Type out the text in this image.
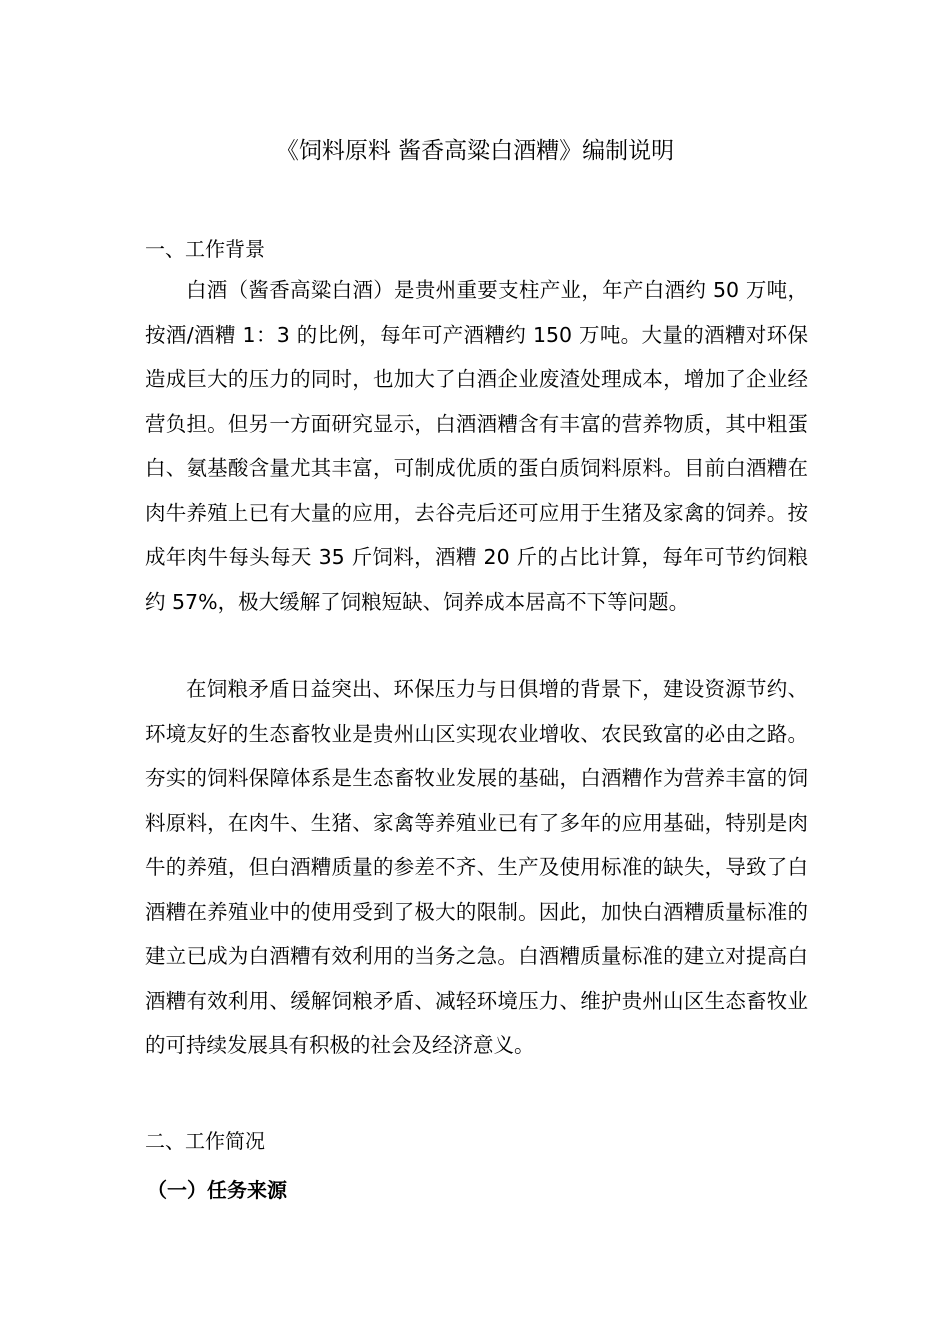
《饲料原料 酱香高粱白酒糟》编制说明
一、工作背景

白酒（酱香高粱白酒）是贵州重要支柱产业，年产白酒约 50 万吨，按酒/酒糟 1：3 的比例，每年可产酒糟约 150 万吨。大量的酒糟对环保造成巨大的压力的同时，也加大了白酒企业废渣处理成本，增加了企业经营负担。但另一方面研究显示，白酒酒糟含有丰富的营养物质，其中粗蛋白、氨基酸含量尤其丰富，可制成优质的蛋白质饲料原料。目前白酒糟在肉牛养殖上已有大量的应用，去谷壳后还可应用于生猪及家禽的饲养。按成年肉牛每头每天 35 斤饲料，酒糟 20 斤的占比计算，每年可节约饲粮约 57%，极大缓解了饲粮短缺、饲养成本居高不下等问题。

在饲粮矛盾日益突出、环保压力与日俱增的背景下，建设资源节约、环境友好的生态畜牧业是贵州山区实现农业增收、农民致富的必由之路。夯实的饲料保障体系是生态畜牧业发展的基础，白酒糟作为营养丰富的饲料原料，在肉牛、生猪、家禽等养殖业已有了多年的应用基础，特别是肉牛的养殖，但白酒糟质量的参差不齐、生产及使用标准的缺失，导致了白酒糟在养殖业中的使用受到了极大的限制。因此，加快白酒糟质量标准的建立已成为白酒糟有效利用的当务之急。白酒糟质量标准的建立对提高白酒糟有效利用、缓解饲粮矛盾、减轻环境压力、维护贵州山区生态畜牧业的可持续发展具有积极的社会及经济意义。

二、工作简况
（一）任务来源
